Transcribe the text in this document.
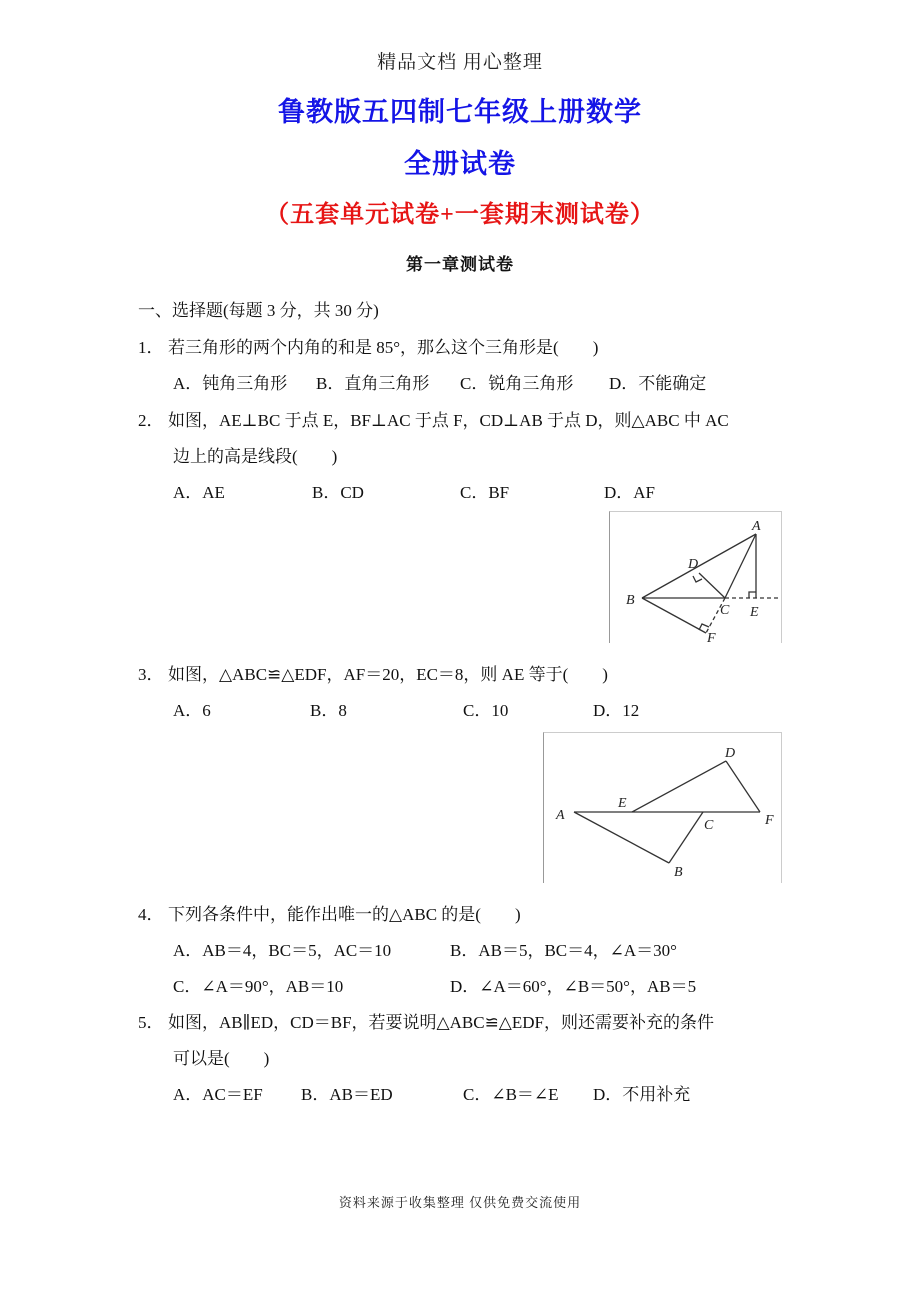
精品文档 用心整理
鲁教版五四制七年级上册数学
全册试卷
（五套单元试卷+一套期末测试卷）
第一章测试卷
一、选择题(每题 3 分，共 30 分)
1． 若三角形的两个内角的和是 85°，那么这个三角形是(　　)
A．钝角三角形 B．直角三角形 C．锐角三角形 D．不能确定
2． 如图，AE⊥BC 于点 E，BF⊥AC 于点 F，CD⊥AB 于点 D，则△ABC 中 AC
边上的高是线段(　　)
A．AE	B．CD	C．BF	D．AF
A
B
C
D
E
F
3． 如图，△ABC≌△EDF，AF＝20，EC＝8，则 AE 等于(　　)
A．6	B．8	C．10	D．12
A
B
C
D
E
F
4． 下列各条件中，能作出唯一的△ABC 的是(　　)
A．AB＝4，BC＝5，AC＝10	B．AB＝5，BC＝4，∠A＝30°
C．∠A＝90°，AB＝10	D．∠A＝60°，∠B＝50°，AB＝5
5． 如图，AB∥ED，CD＝BF，若要说明△ABC≌△EDF，则还需要补充的条件
可以是(　　)
A．AC＝EF B．AB＝ED	C．∠B＝∠E D．不用补充
资料来源于收集整理 仅供免费交流使用
